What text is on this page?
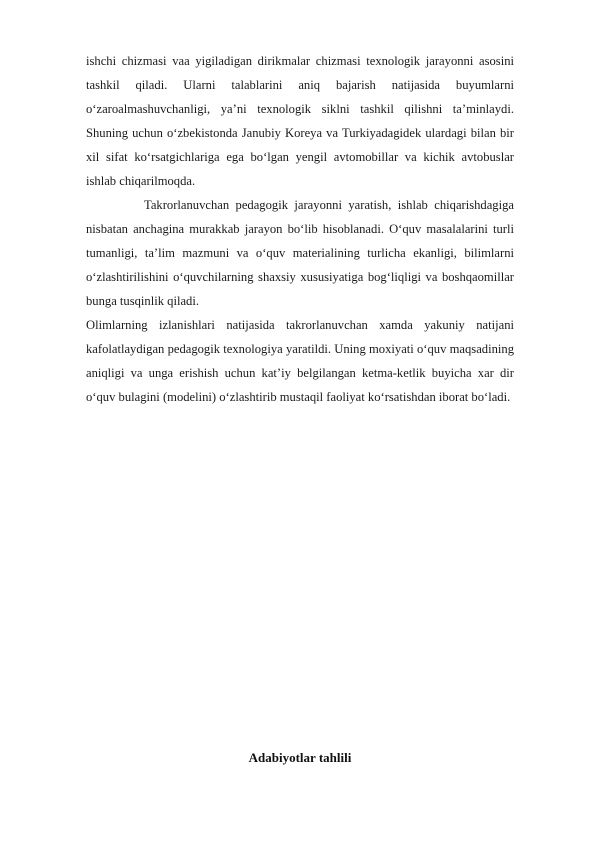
ishchi chizmasi vaa yigiladigan dirikmalar chizmasi texnologik jarayonni asosini tashkil qiladi. Ularni talablarini aniq bajarish natijasida buyumlarni o‘zaroalmashuvchanligi, ya’ni texnologik siklni tashkil qilishni ta’minlaydi. Shuning uchun o‘zbekistonda Janubiy Koreya va Turkiyadagidek ulardagi bilan bir xil sifat ko‘rsatgichlariga ega bo‘lgan yengil avtomobillar va kichik avtobuslar ishlab chiqarilmoqda.

Takrorlanuvchan pedagogik jarayonni yaratish, ishlab chiqarishdagiga nisbatan anchagina murakkab jarayon bo‘lib hisoblanadi. O‘quv masalalarini turli tumanligi, ta’lim mazmuni va o‘quv materialining turlicha ekanligi, bilimlarni o‘zlashtirilishini o‘quvchilarning shaxsiy xususiyatiga bog‘liqligi va boshqaomillar bunga tusqinlik qiladi.

Olimlarning izlanishlari natijasida takrorlanuvchan xamda yakuniy natijani kafolatlaydigan pedagogik texnologiya yaratildi. Uning moxiyati o‘quv maqsadining aniqligi va unga erishish uchun kat’iy belgilangan ketma-ketlik buyicha xar dir o‘quv bulagini (modelini) o‘zlashtirib mustaqil faoliyat ko‘rsatishdan iborat bo‘ladi.

Adabiyotlar tahlili
